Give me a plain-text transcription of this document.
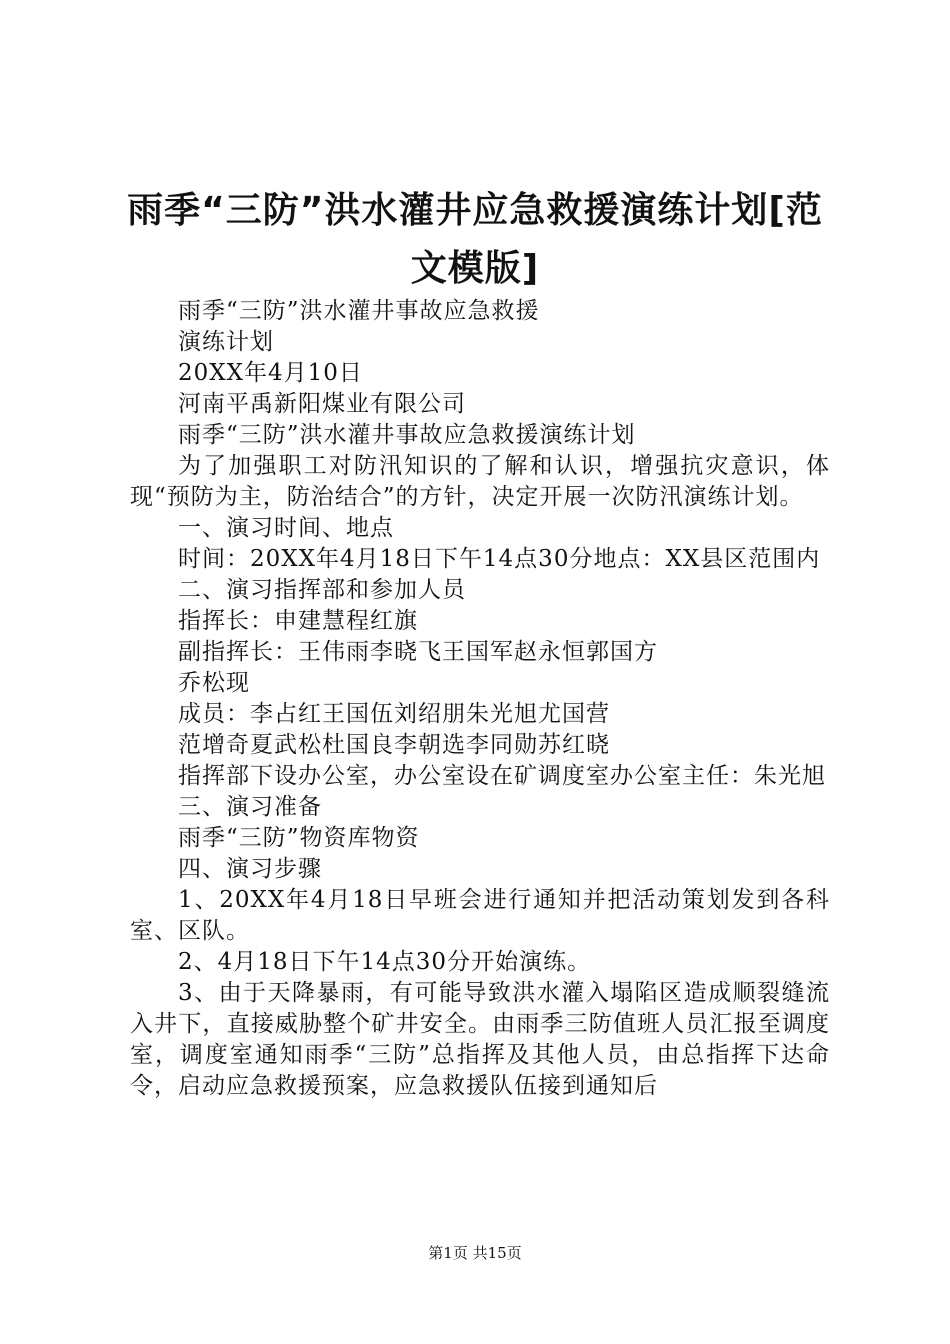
雨季“三防”洪水灌井应急救援演练计划[范
文模版]

雨季“三防”洪水灌井事故应急救援

演练计划

20XX年4月10日

河南平禹新阳煤业有限公司

雨季“三防”洪水灌井事故应急救援演练计划

为了加强职工对防汛知识的了解和认识，增强抗灾意识，体现“预防为主，防治结合”的方针，决定开展一次防汛演练计划。

一、演习时间、地点

时间：20XX年4月18日下午14点30分地点：XX县区范围内

二、演习指挥部和参加人员

指挥长：申建慧程红旗

副指挥长：王伟雨李晓飞王国军赵永恒郭国方

乔松现

成员：李占红王国伍刘绍朋朱光旭尤国营

范增奇夏武松杜国良李朝选李同勋苏红晓

指挥部下设办公室，办公室设在矿调度室办公室主任：朱光旭

三、演习准备

雨季“三防”物资库物资

四、演习步骤

1、20XX年4月18日早班会进行通知并把活动策划发到各科室、区队。

2、4月18日下午14点30分开始演练。

3、由于天降暴雨，有可能导致洪水灌入塌陷区造成顺裂缝流入井下，直接威胁整个矿井安全。由雨季三防值班人员汇报至调度室，调度室通知雨季“三防”总指挥及其他人员，由总指挥下达命令，启动应急救援预案，应急救援队伍接到通知后

第1页 共15页
